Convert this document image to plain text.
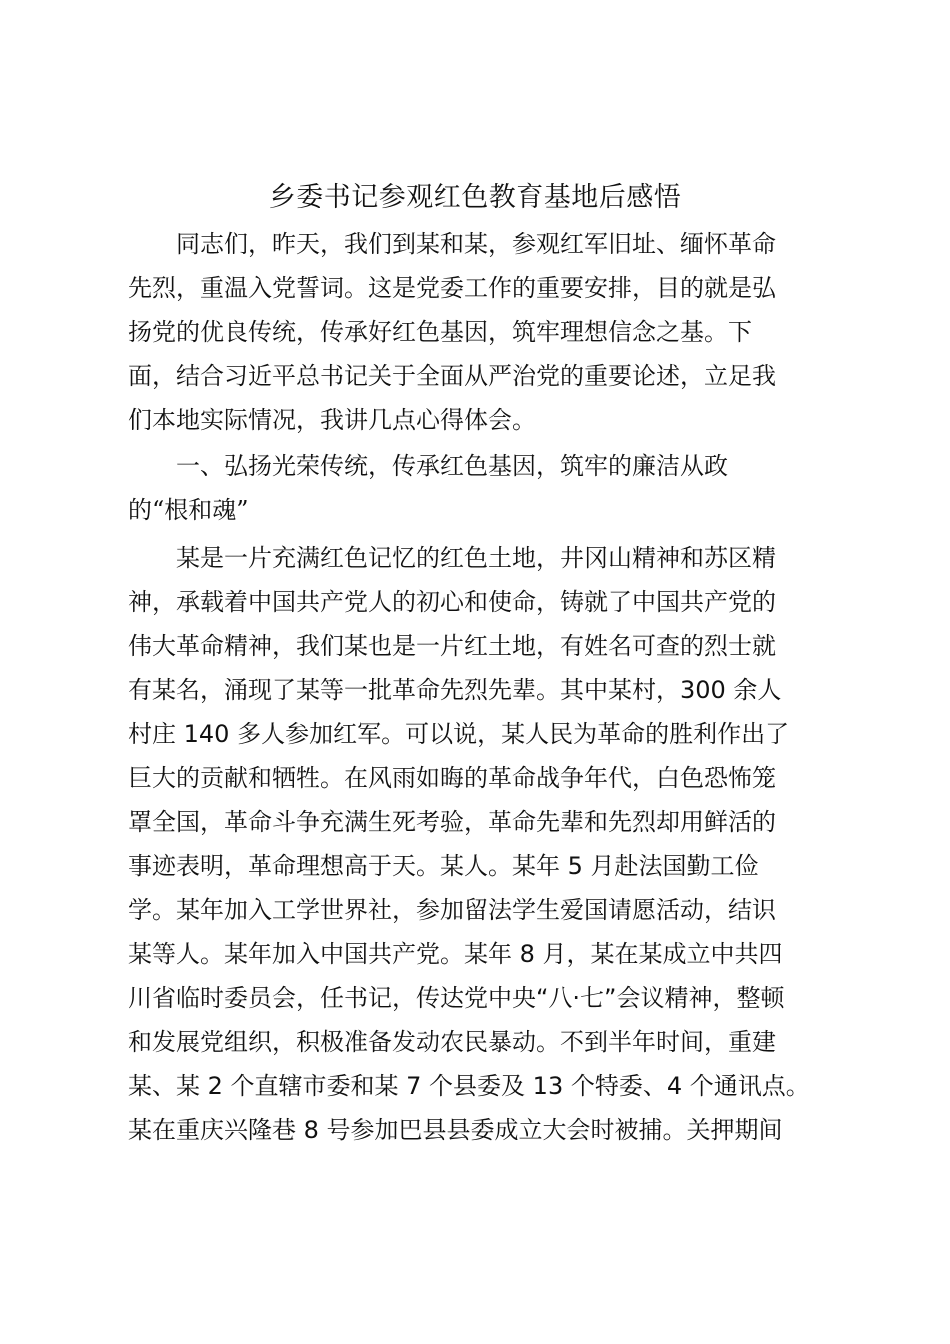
乡委书记参观红色教育基地后感悟

同志们，昨天，我们到某和某，参观红军旧址、缅怀革命

先烈，重温入党誓词。这是党委工作的重要安排，目的就是弘

扬党的优良传统，传承好红色基因，筑牢理想信念之基。下

面，结合习近平总书记关于全面从严治党的重要论述，立足我

们本地实际情况，我讲几点心得体会。

一、弘扬光荣传统，传承红色基因，筑牢的廉洁从政

的“根和魂”

某是一片充满红色记忆的红色土地，井冈山精神和苏区精

神，承载着中国共产党人的初心和使命，铸就了中国共产党的

伟大革命精神，我们某也是一片红土地，有姓名可查的烈士就

有某名，涌现了某等一批革命先烈先辈。其中某村，300 余人

村庄 140 多人参加红军。可以说，某人民为革命的胜利作出了

巨大的贡献和牺牲。在风雨如晦的革命战争年代，白色恐怖笼

罩全国，革命斗争充满生死考验，革命先辈和先烈却用鲜活的

事迹表明，革命理想高于天。某人。某年 5 月赴法国勤工俭

学。某年加入工学世界社，参加留法学生爱国请愿活动，结识

某等人。某年加入中国共产党。某年 8 月，某在某成立中共四

川省临时委员会，任书记，传达党中央“八·七”会议精神，整顿

和发展党组织，积极准备发动农民暴动。不到半年时间，重建

某、某 2 个直辖市委和某 7 个县委及 13 个特委、4 个通讯点。

某在重庆兴隆巷 8 号参加巴县县委成立大会时被捕。关押期间
